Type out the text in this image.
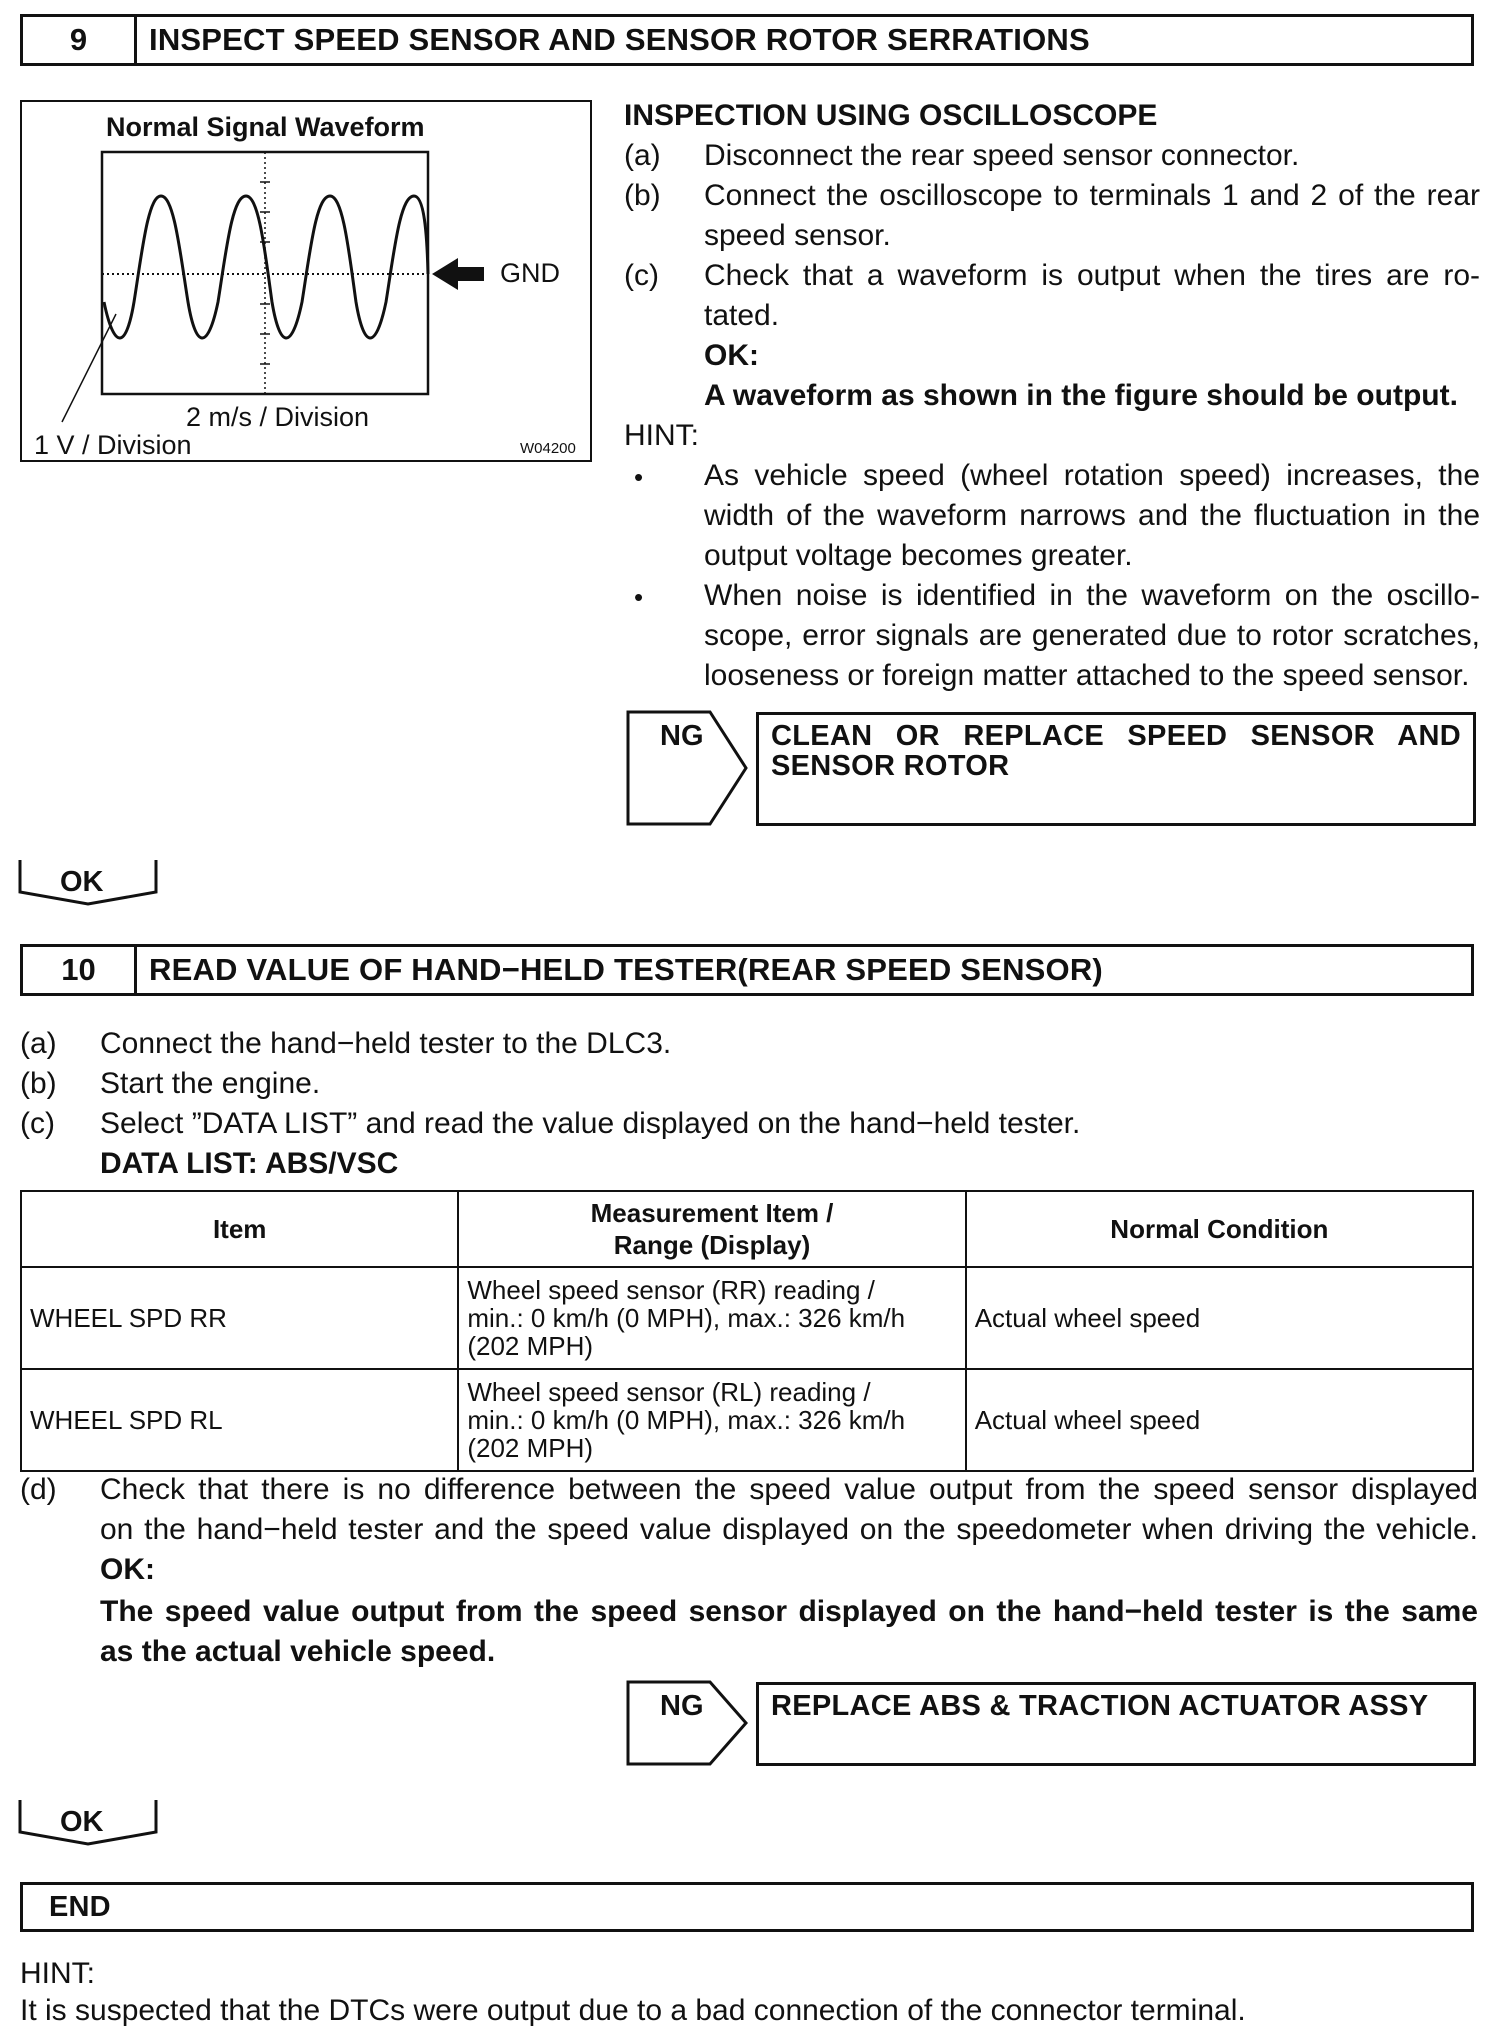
9	INSPECT SPEED SENSOR AND SENSOR ROTOR SERRATIONS
Normal Signal Waveform
GND
2 m/s / Division
1 V / Division	W04200
INSPECTION USING OSCILLOSCOPE
(a) Disconnect the rear speed sensor connector.
(b) Connect the oscilloscope to terminals 1 and 2 of the rear
speed sensor.
(c) Check that a waveform is output when the tires are ro-
tated.
OK:
A waveform as shown in the figure should be output.
HINT:
• As vehicle speed (wheel rotation speed) increases, the
width of the waveform narrows and the fluctuation in the
output voltage becomes greater.
• When noise is identified in the waveform on the oscillo-
scope, error signals are generated due to rotor scratches,
looseness or foreign matter attached to the speed sensor.
NG CLEAN OR REPLACE SPEED SENSOR AND
SENSOR ROTOR
OK
10	READ VALUE OF HAND−HELD TESTER(REAR SPEED SENSOR)
(a) Connect the hand−held tester to the DLC3.
(b) Start the engine.
(c) Select ”DATA LIST” and read the value displayed on the hand−held tester.
DATA LIST: ABS/VSC
Item	Measurement Item /
Range (Display)	Normal Condition
WHEEL SPD RR	Wheel speed sensor (RR) reading /
min.: 0 km/h (0 MPH), max.: 326 km/h
(202 MPH)	Actual wheel speed
WHEEL SPD RL	Wheel speed sensor (RL) reading /
min.: 0 km/h (0 MPH), max.: 326 km/h
(202 MPH)	Actual wheel speed
(d) Check that there is no difference between the speed value output from the speed sensor displayed
on the hand−held tester and the speed value displayed on the speedometer when driving the vehicle.
OK:
The speed value output from the speed sensor displayed on the hand−held tester is the same
as the actual vehicle speed.
NG REPLACE ABS & TRACTION ACTUATOR ASSY
OK
END
HINT:
It is suspected that the DTCs were output due to a bad connection of the connector terminal.
